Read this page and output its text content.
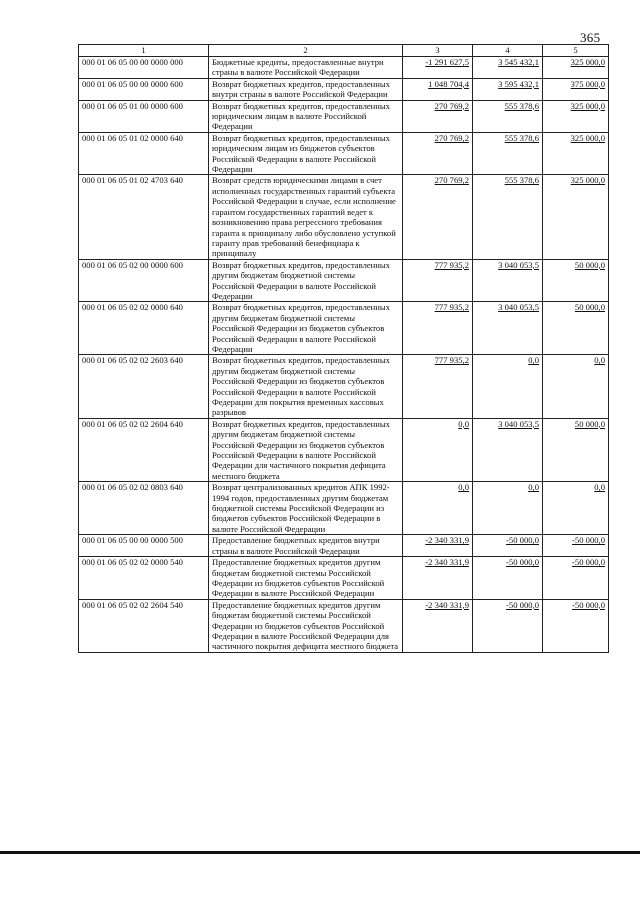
365
1	2	3	4	5
000 01 06 05 00 00 0000 000	Бюджетные кредиты, предоставленные внутри страны в валюте Российской Федерации	-1 291 627,5	3 545 432,1	325 000,0
000 01 06 05 00 00 0000 600	Возврат бюджетных кредитов, предоставленных внутри страны в валюте Российской Федерации	1 048 704,4	3 595 432,1	375 000,0
000 01 06 05 01 00 0000 600	Возврат бюджетных кредитов, предоставленных юридическим лицам в валюте Российской Федерации	270 769,2	555 378,6	325 000,0
000 01 06 05 01 02 0000 640	Возврат бюджетных кредитов, предоставленных юридическим лицам из бюджетов субъектов Российской Федерации в валюте Российской Федерации	270 769,2	555 378,6	325 000,0
000 01 06 05 01 02 4703 640	Возврат средств юридическими лицами в счет исполненных государственных гарантий субъекта Российской Федерации в случае, если исполнение гарантом государственных гарантий ведет к возникновению права регрессного требования гаранта к принципалу либо обусловлено уступкой гаранту прав требований бенефициара к принципалу	270 769,2	555 378,6	325 000,0
000 01 06 05 02 00 0000 600	Возврат бюджетных кредитов, предоставленных другим бюджетам бюджетной системы Российской Федерации в валюте Российской Федерации	777 935,2	3 040 053,5	50 000,0
000 01 06 05 02 02 0000 640	Возврат бюджетных кредитов, предоставленных другим бюджетам бюджетной системы Российской Федерации из бюджетов субъектов Российской Федерации в валюте Российской Федерации	777 935,2	3 040 053,5	50 000,0
000 01 06 05 02 02 2603 640	Возврат бюджетных кредитов, предоставленных другим бюджетам бюджетной системы Российской Федерации из бюджетов субъектов Российской Федерации в валюте Российской Федерации для покрытия временных кассовых разрывов	777 935,2	0,0	0,0
000 01 06 05 02 02 2604 640	Возврат бюджетных кредитов, предоставленных другим бюджетам бюджетной системы Российской Федерации из бюджетов субъектов Российской Федерации в валюте Российской Федерации для частичного покрытия дефицита местного бюджета	0,0	3 040 053,5	50 000,0
000 01 06 05 02 02 0803 640	Возврат централизованных кредитов АПК 1992-1994 годов, предоставленных другим бюджетам бюджетной системы Российской Федерации из бюджетов субъектов Российской Федерации в валюте Российской Федерации	0,0	0,0	0,0
000 01 06 05 00 00 0000 500	Предоставление бюджетных кредитов внутри страны в валюте Российской Федерации	-2 340 331,9	-50 000,0	-50 000,0
000 01 06 05 02 02 0000 540	Предоставление бюджетных кредитов другим бюджетам бюджетной системы Российской Федерации из бюджетов субъектов Российской Федерации в валюте Российской Федерации	-2 340 331,9	-50 000,0	-50 000,0
000 01 06 05 02 02 2604 540	Предоставление бюджетных кредитов другим бюджетам бюджетной системы Российской Федерации из бюджетов субъектов Российской Федерации в валюте Российской Федерации для частичного покрытия дефицита местного бюджета	-2 340 331,9	-50 000,0	-50 000,0
